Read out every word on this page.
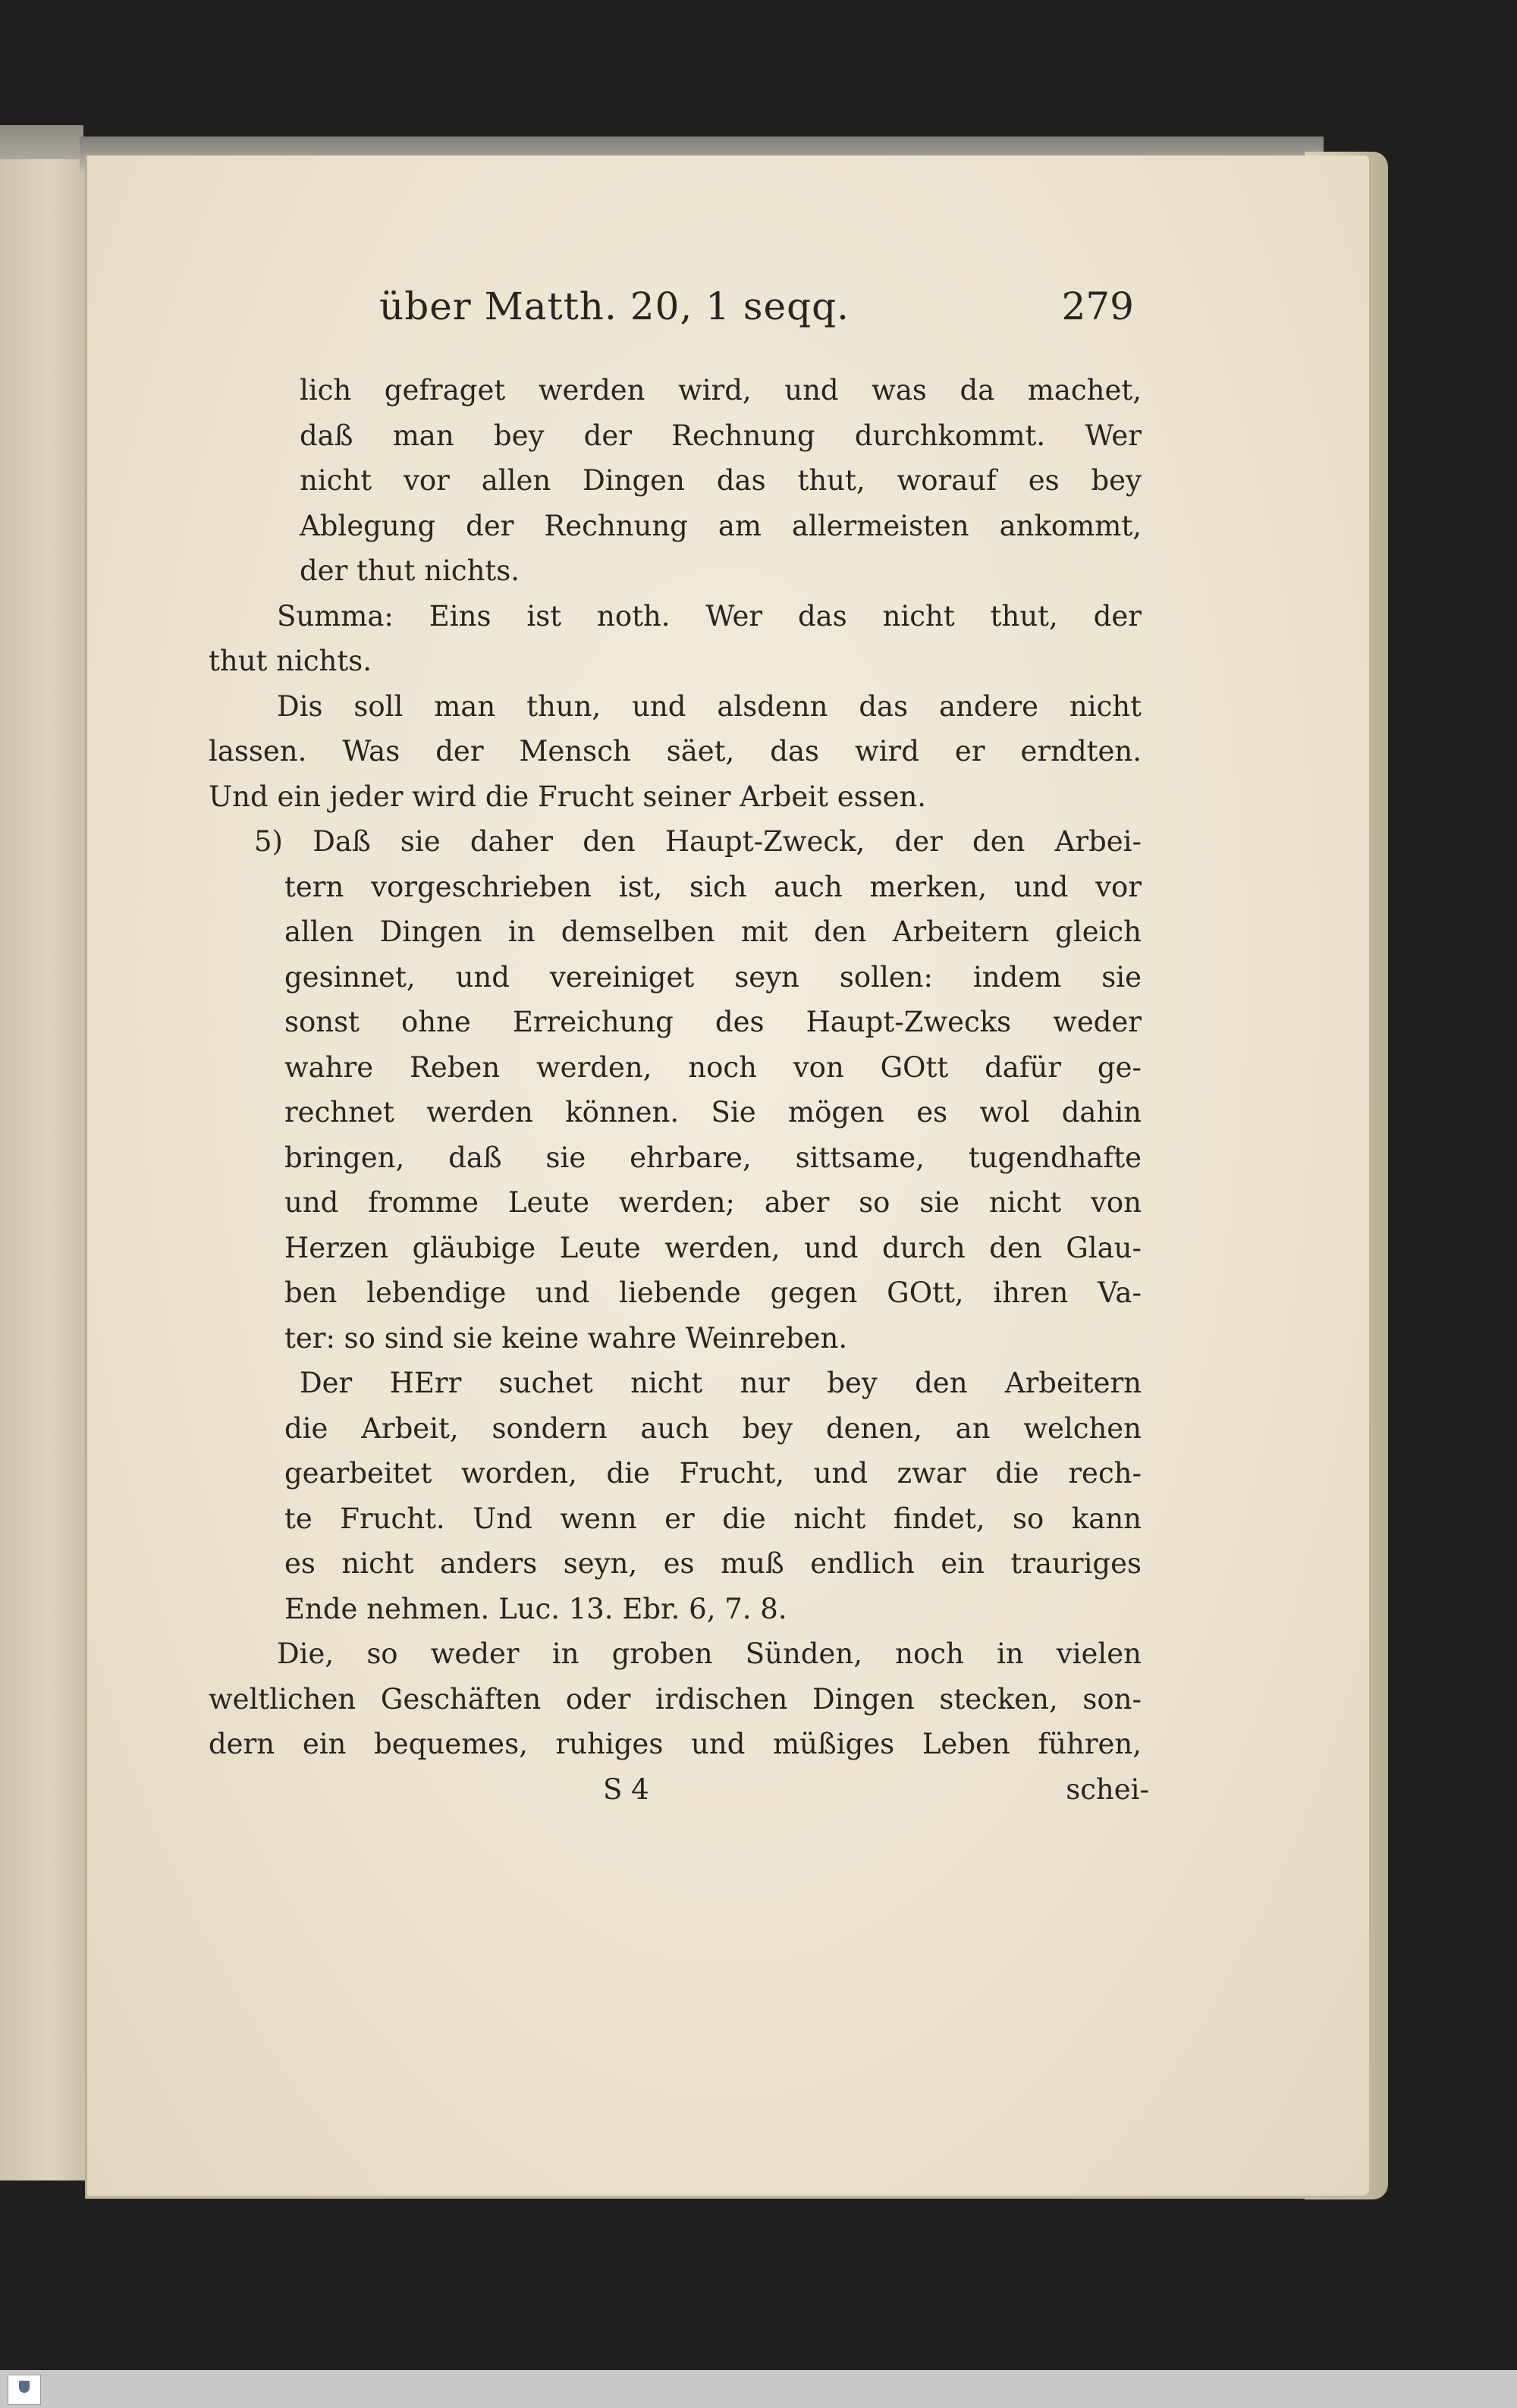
über Matth. 20, 1 seqq.	279
lich gefraget werden wird, und was da machet,
daß man bey der Rechnung durchkommt. Wer
nicht vor allen Dingen das thut, worauf es bey
Ablegung der Rechnung am allermeisten ankommt,
der thut nichts.
Summa: Eins ist noth. Wer das nicht thut, der
thut nichts.
Dis soll man thun, und alsdenn das andere nicht
lassen. Was der Mensch säet, das wird er erndten.
Und ein jeder wird die Frucht seiner Arbeit essen.
5) Daß sie daher den Haupt-Zweck, der den Arbei-
tern vorgeschrieben ist, sich auch merken, und vor
allen Dingen in demselben mit den Arbeitern gleich
gesinnet, und vereiniget seyn sollen: indem sie
sonst ohne Erreichung des Haupt-Zwecks weder
wahre Reben werden, noch von GOtt dafür ge-
rechnet werden können. Sie mögen es wol dahin
bringen, daß sie ehrbare, sittsame, tugendhafte
und fromme Leute werden; aber so sie nicht von
Herzen gläubige Leute werden, und durch den Glau-
ben lebendige und liebende gegen GOtt, ihren Va-
ter: so sind sie keine wahre Weinreben.
Der HErr suchet nicht nur bey den Arbeitern
die Arbeit, sondern auch bey denen, an welchen
gearbeitet worden, die Frucht, und zwar die rech-
te Frucht. Und wenn er die nicht findet, so kann
es nicht anders seyn, es muß endlich ein trauriges
Ende nehmen. Luc. 13. Ebr. 6, 7. 8.
Die, so weder in groben Sünden, noch in vielen
weltlichen Geschäften oder irdischen Dingen stecken, son-
dern ein bequemes, ruhiges und müßiges Leben führen,
S 4	schei-
